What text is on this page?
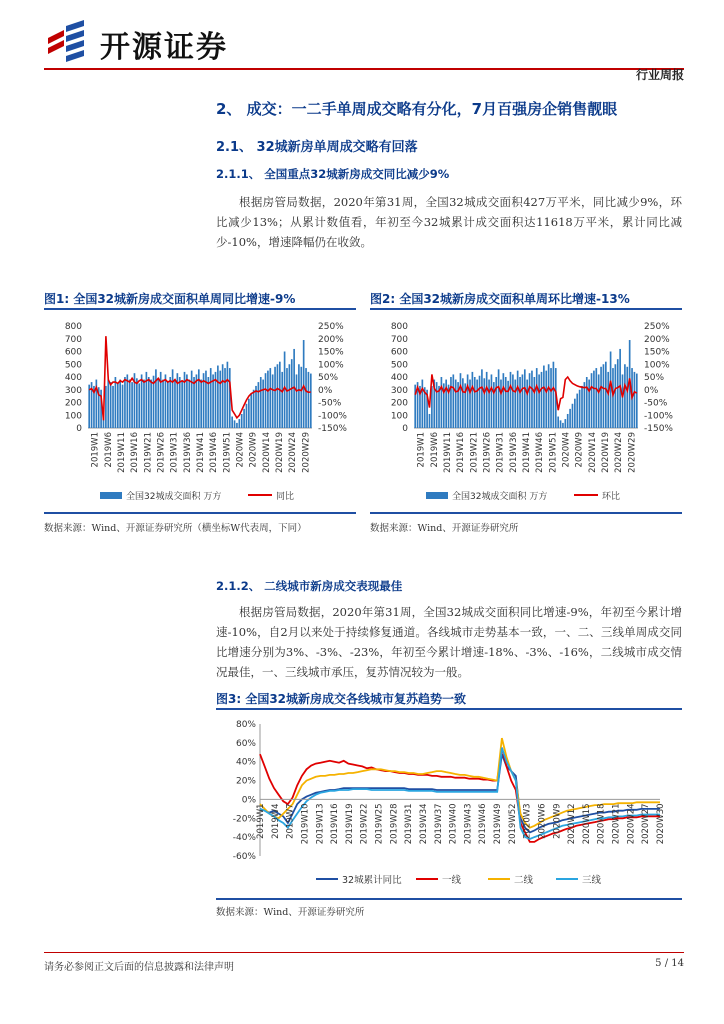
开源证券
行业周报
2、 成交：一二手单周成交略有分化，7月百强房企销售靓眼
2.1、 32城新房单周成交略有回落
2.1.1、 全国重点32城新房成交同比减少9%
根据房管局数据，2020年第31周，全国32城成交面积427万平米，同比减少9%，环比减少13%；从累计数值看，年初至今32城累计成交面积达11618万平米，累计同比减少-10%，增速降幅仍在收敛。
图1: 全国32城新房成交面积单周同比增速-9%
800
700
600
500
400
300
200
100
0
250%
200%
150%
100%
50%
0%
-50%
-100%
-150%
2019W1 2019W6 2019W11 2019W16 2019W21 2019W26 2019W31 2019W36 2019W41 2019W46 2019W51 2020W4 2020W9 2020W14 2020W19 2020W24 2020W29
全国32城成交面积 万方	同比
数据来源：Wind、开源证券研究所（横坐标W代表周，下同）
图2: 全国32城新房成交面积单周环比增速-13%
800
700
600
500
400
300
200
100
0
250%
200%
150%
100%
50%
0%
-50%
-100%
-150%
2019W1 2019W6 2019W11 2019W16 2019W21 2019W26 2019W31 2019W36 2019W41 2019W46 2019W51 2020W4 2020W9 2020W14 2020W19 2020W24 2020W29
全国32城成交面积 万方	环比
数据来源：Wind、开源证券研究所
2.1.2、 二线城市新房成交表现最佳
根据房管局数据，2020年第31周，全国32城成交面积同比增速-9%，年初至今累计增速-10%，自2月以来处于持续修复通道。各线城市走势基本一致，一、二、三线单周成交同比增速分别为3%、-3%、-23%，年初至今累计增速-18%、-3%、-16%，二线城市成交情况最佳，一、三线城市承压，复苏情况较为一般。
图3: 全国32城新房成交各线城市复苏趋势一致
80%
60%
40%
20%
0%
-20%
-40%
-60%
2019W1 2019W4 2019W7 2019W10 2019W13 2019W16 2019W19 2019W22 2019W25 2019W28 2019W31 2019W34 2019W37 2019W40 2019W43 2019W46 2019W49 2019W52 2020W3 2020W6 2020W9 2020W12 2020W15 2020W18 2020W21 2020W24 2020W27 2020W30
32城累计同比	一线	二线	三线
数据来源：Wind、开源证券研究所
请务必参阅正文后面的信息披露和法律声明	5 / 14
